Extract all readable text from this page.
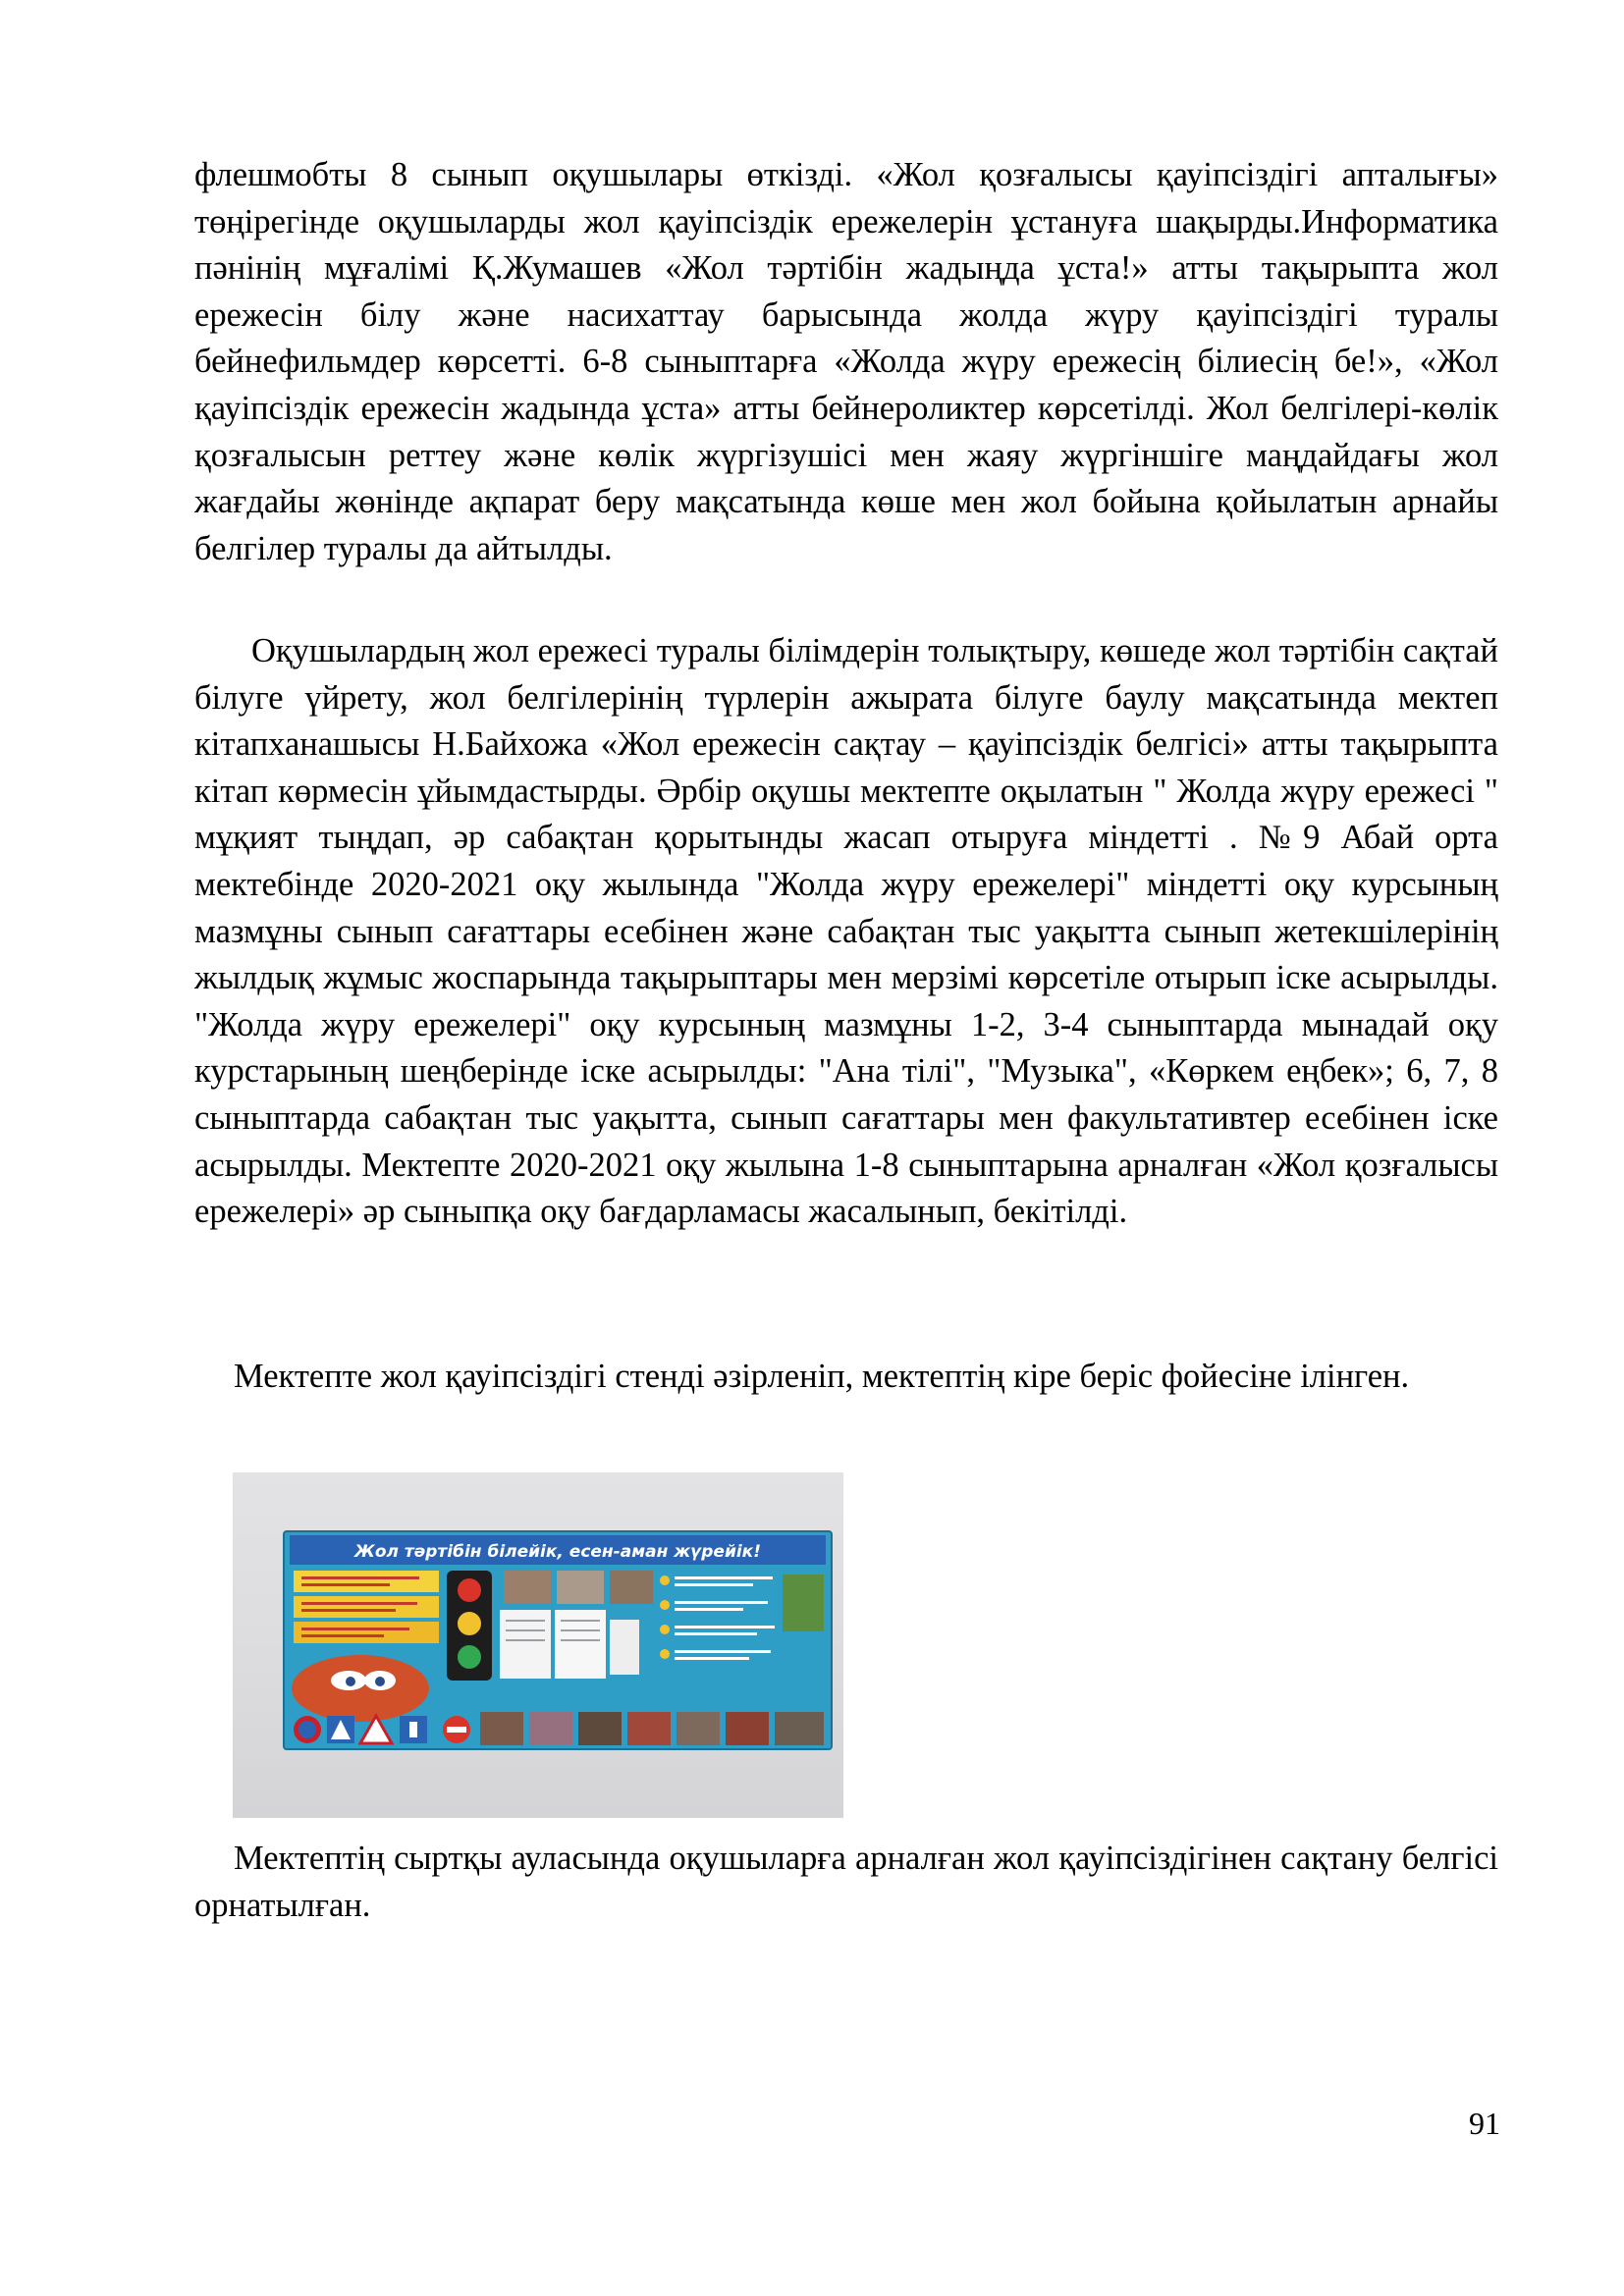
флешмобты 8 сынып оқушылары өткізді. «Жол қозғалысы қауіпсіздігі апталығы» төңірегінде оқушыларды жол қауіпсіздік ережелерін ұстануға шақырды.Информатика пәнінің мұғалімі Қ.Жумашев «Жол тәртібін жадыңда ұста!» атты тақырыпта жол ережесін білу және насихаттау барысында жолда жүру қауіпсіздігі туралы бейнефильмдер көрсетті. 6-8 сыныптарға «Жолда жүру ережесің білиесің бе!», «Жол қауіпсіздік ережесін жадында ұста» атты бейнероликтер көрсетілді. Жол белгілері-көлік қозғалысын реттеу және көлік жүргізушісі мен жаяу жүргіншіге маңдайдағы жол жағдайы жөнінде ақпарат беру мақсатында көше мен жол бойына қойылатын арнайы белгілер туралы да айтылды.

Оқушылардың жол ережесі туралы білімдерін толықтыру, көшеде жол тәртібін сақтай білуге үйрету, жол белгілерінің түрлерін ажырата білуге баулу мақсатында мектеп кітапханашысы Н.Байхожа «Жол ережесін сақтау – қауіпсіздік белгісі» атты тақырыпта кітап көрмесін ұйымдастырды. Әрбір оқушы мектепте оқылатын " Жолда жүру ережесі " мұқият тыңдап, әр сабақтан қорытынды жасап отыруға міндетті . №9 Абай орта мектебінде 2020-2021 оқу жылында "Жолда жүру ережелері" міндетті оқу курсының мазмұны сынып сағаттары есебінен және сабақтан тыс уақытта сынып жетекшілерінің жылдық жұмыс жоспарында тақырыптары мен мерзімі көрсетіле отырып іске асырылды. "Жолда жүру ережелері" оқу курсының мазмұны 1-2, 3-4 сыныптарда мынадай оқу курстарының шеңберінде іске асырылды: "Ана тілі", "Музыка", «Көркем еңбек»; 6, 7, 8 сыныптарда сабақтан тыс уақытта, сынып сағаттары мен факультативтер есебінен іске асырылды. Мектепте 2020-2021 оқу жылына 1-8 сыныптарына арналған «Жол қозғалысы ережелері» әр сыныпқа оқу бағдарламасы жасалынып, бекітілді.

Мектепте жол қауіпсіздігі стенді әзірленіп, мектептің кіре беріс фойесіне ілінген.

Жол тәртібін білейік, есен-аман жүрейік!

Мектептің сыртқы ауласында оқушыларға арналған жол қауіпсіздігінен сақтану белгісі орнатылған.

91
